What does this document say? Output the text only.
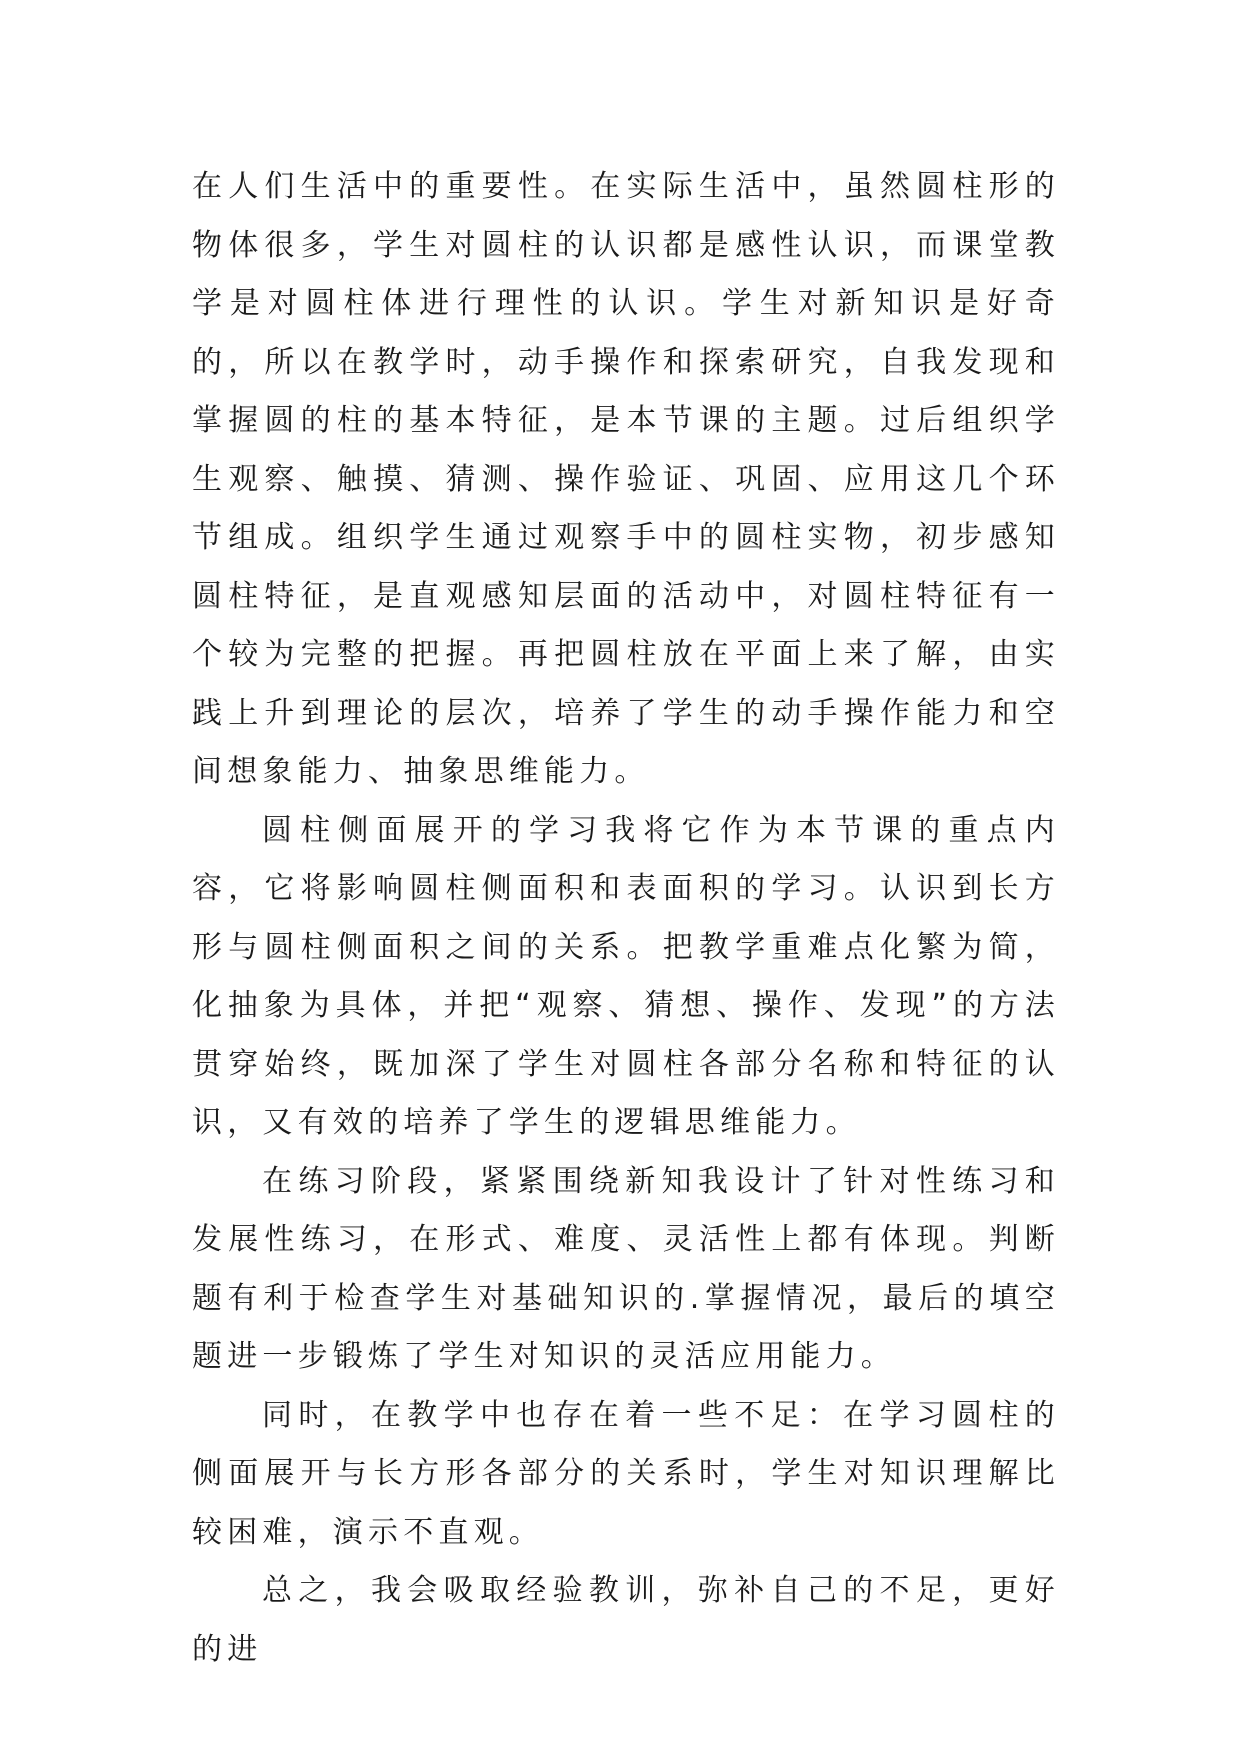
在人们生活中的重要性。在实际生活中，虽然圆柱形的物体很多，学生对圆柱的认识都是感性认识，而课堂教学是对圆柱体进行理性的认识。学生对新知识是好奇的，所以在教学时，动手操作和探索研究，自我发现和掌握圆的柱的基本特征，是本节课的主题。过后组织学生观察、触摸、猜测、操作验证、巩固、应用这几个环节组成。组织学生通过观察手中的圆柱实物，初步感知圆柱特征，是直观感知层面的活动中，对圆柱特征有一个较为完整的把握。再把圆柱放在平面上来了解，由实践上升到理论的层次，培养了学生的动手操作能力和空间想象能力、抽象思维能力。

圆柱侧面展开的学习我将它作为本节课的重点内容，它将影响圆柱侧面积和表面积的学习。认识到长方形与圆柱侧面积之间的关系。把教学重难点化繁为简，化抽象为具体，并把“观察、猜想、操作、发现”的方法贯穿始终，既加深了学生对圆柱各部分名称和特征的认识，又有效的培养了学生的逻辑思维能力。

在练习阶段，紧紧围绕新知我设计了针对性练习和发展性练习，在形式、难度、灵活性上都有体现。判断题有利于检查学生对基础知识的.掌握情况，最后的填空题进一步锻炼了学生对知识的灵活应用能力。

同时，在教学中也存在着一些不足：在学习圆柱的侧面展开与长方形各部分的关系时，学生对知识理解比较困难，演示不直观。

总之，我会吸取经验教训，弥补自己的不足，更好的进
